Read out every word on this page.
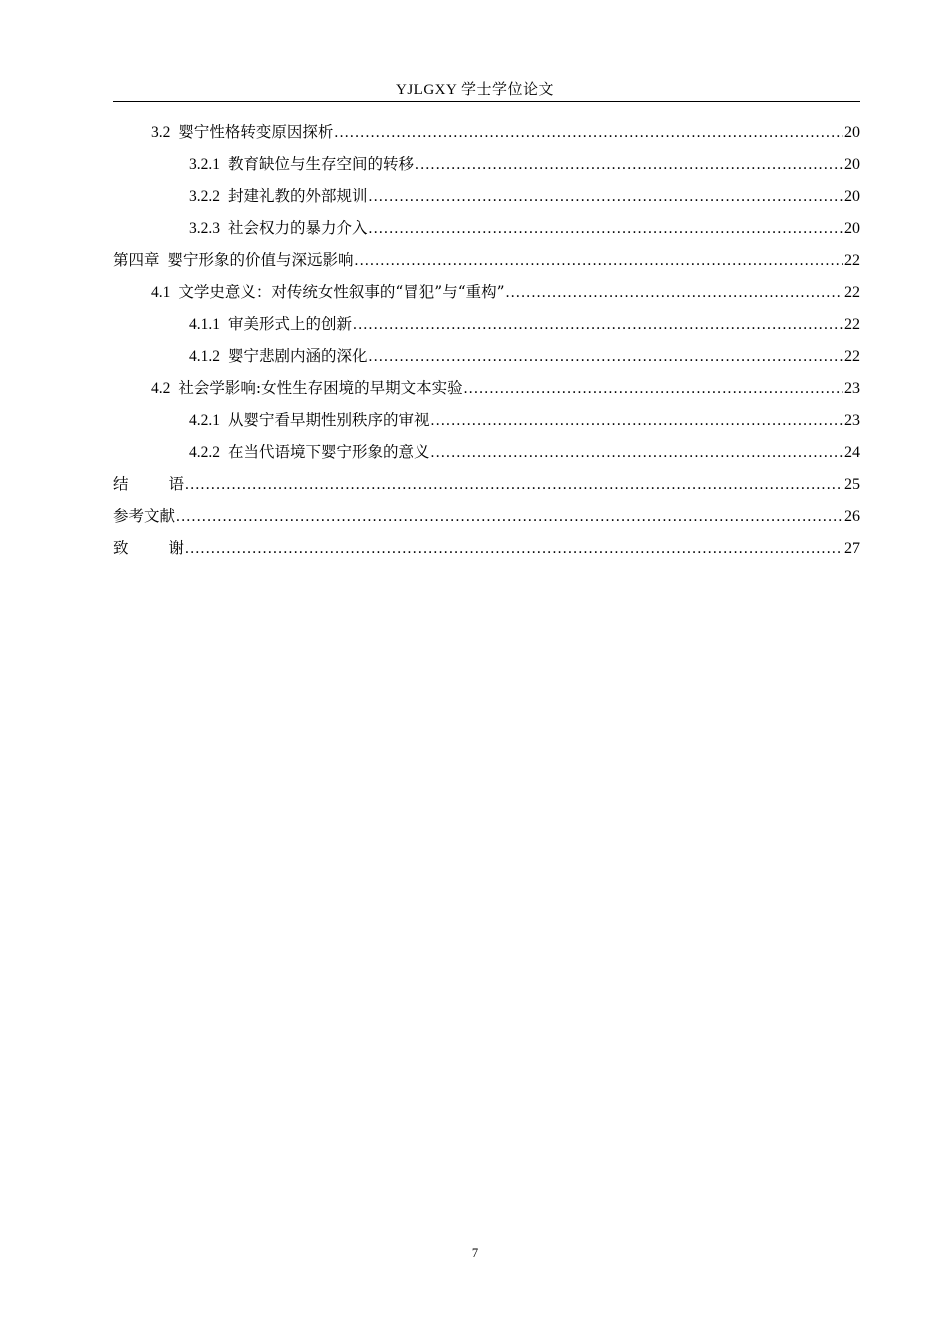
YJLGXY 学士学位论文
3.2 婴宁性格转变原因探析 .....	20
3.2.1 教育缺位与生存空间的转移 .....	20
3.2.2 封建礼教的外部规训 .....	20
3.2.3 社会权力的暴力介入 .....	20
第四章 婴宁形象的价值与深远影响 .....	22
4.1 文学史意义：对传统女性叙事的“冒犯”与“重构” .....	22
4.1.1 审美形式上的创新 .....	22
4.1.2 婴宁悲剧内涵的深化 .....	22
4.2 社会学影响:女性生存困境的早期文本实验 .....	23
4.2.1 从婴宁看早期性别秩序的审视 .....	23
4.2.2 在当代语境下婴宁形象的意义 .....	24
结	语 .....	25
参考文献 .....	26
致	谢 .....	27
7
